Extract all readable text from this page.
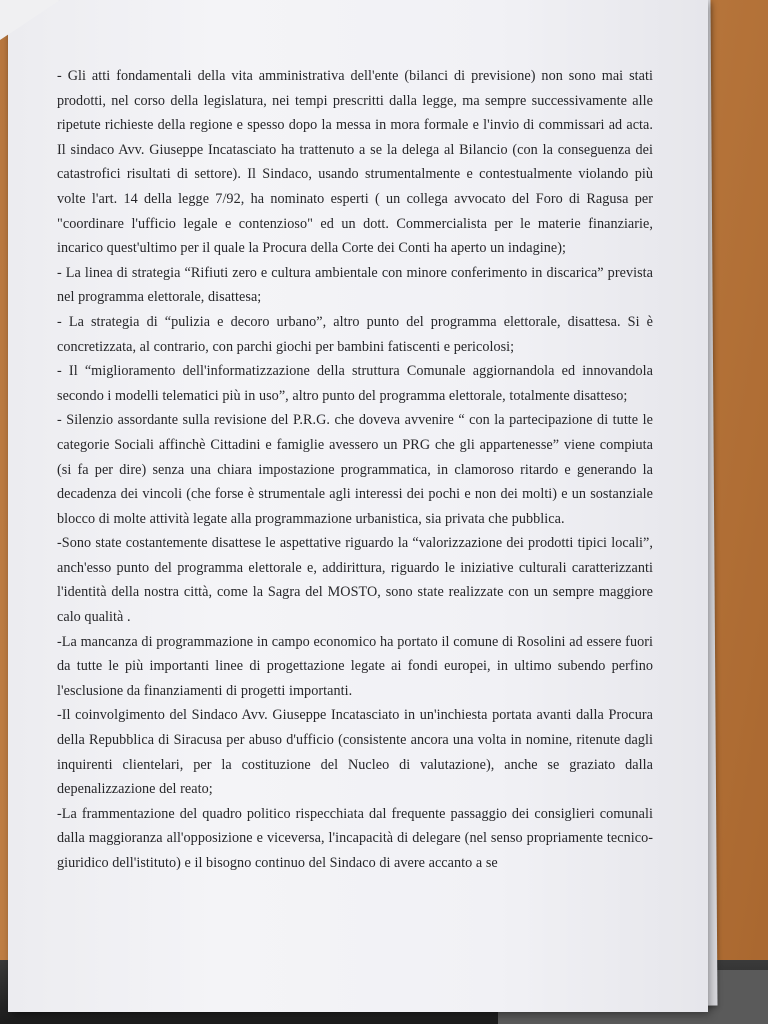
- Gli atti fondamentali della vita amministrativa dell'ente (bilanci di previsione) non sono mai stati prodotti, nel corso della legislatura, nei tempi prescritti dalla legge, ma sempre successivamente alle ripetute richieste della regione e spesso dopo la messa in mora formale e l'invio di commissari ad acta. Il sindaco Avv. Giuseppe Incatasciato ha trattenuto a se la delega al Bilancio (con la conseguenza dei catastrofici risultati di settore). Il Sindaco, usando strumentalmente e contestualmente violando più volte l'art. 14 della legge 7/92, ha nominato esperti ( un collega avvocato del Foro di Ragusa per "coordinare l'ufficio legale e contenzioso" ed un dott. Commercialista per le materie finanziarie, incarico quest'ultimo per il quale la Procura della Corte dei Conti ha aperto un indagine);

- La linea di strategia “Rifiuti zero e cultura ambientale con minore conferimento in discarica” prevista nel programma elettorale, disattesa;

- La strategia di “pulizia e decoro urbano”, altro punto del programma elettorale, disattesa. Si è concretizzata, al contrario, con parchi giochi per bambini fatiscenti e pericolosi;

- Il “miglioramento dell'informatizzazione della struttura Comunale aggiornandola ed innovandola secondo i modelli telematici più in uso”, altro punto del programma elettorale, totalmente disatteso;

- Silenzio assordante sulla revisione del P.R.G. che doveva avvenire “ con la partecipazione di tutte le categorie Sociali affinchè Cittadini e famiglie avessero un PRG che gli appartenesse” viene compiuta (si fa per dire) senza una chiara impostazione programmatica, in clamoroso ritardo e generando la decadenza dei vincoli (che forse è strumentale agli interessi dei pochi e non dei molti) e un sostanziale blocco di molte attività legate alla programmazione urbanistica, sia privata che pubblica.

-Sono state costantemente disattese le aspettative riguardo la “valorizzazione dei prodotti tipici locali”, anch'esso punto del programma elettorale e, addirittura, riguardo le iniziative culturali caratterizzanti l'identità della nostra città, come la Sagra del MOSTO, sono state realizzate con un sempre maggiore calo qualità .

-La mancanza di programmazione in campo economico ha portato il comune di Rosolini ad essere fuori da tutte le più importanti linee di progettazione legate ai fondi europei, in ultimo subendo perfino l'esclusione da finanziamenti di progetti importanti.

-Il coinvolgimento del Sindaco Avv. Giuseppe Incatasciato in un'inchiesta portata avanti dalla Procura della Repubblica di Siracusa per abuso d'ufficio (consistente ancora una volta in nomine, ritenute dagli inquirenti clientelari, per la costituzione del Nucleo di valutazione), anche se graziato dalla depenalizzazione del reato;

-La frammentazione del quadro politico rispecchiata dal frequente passaggio dei consiglieri comunali dalla maggioranza all'opposizione e viceversa, l'incapacità di delegare (nel senso propriamente tecnico-giuridico dell'istituto) e il bisogno continuo del Sindaco di avere accanto a se
